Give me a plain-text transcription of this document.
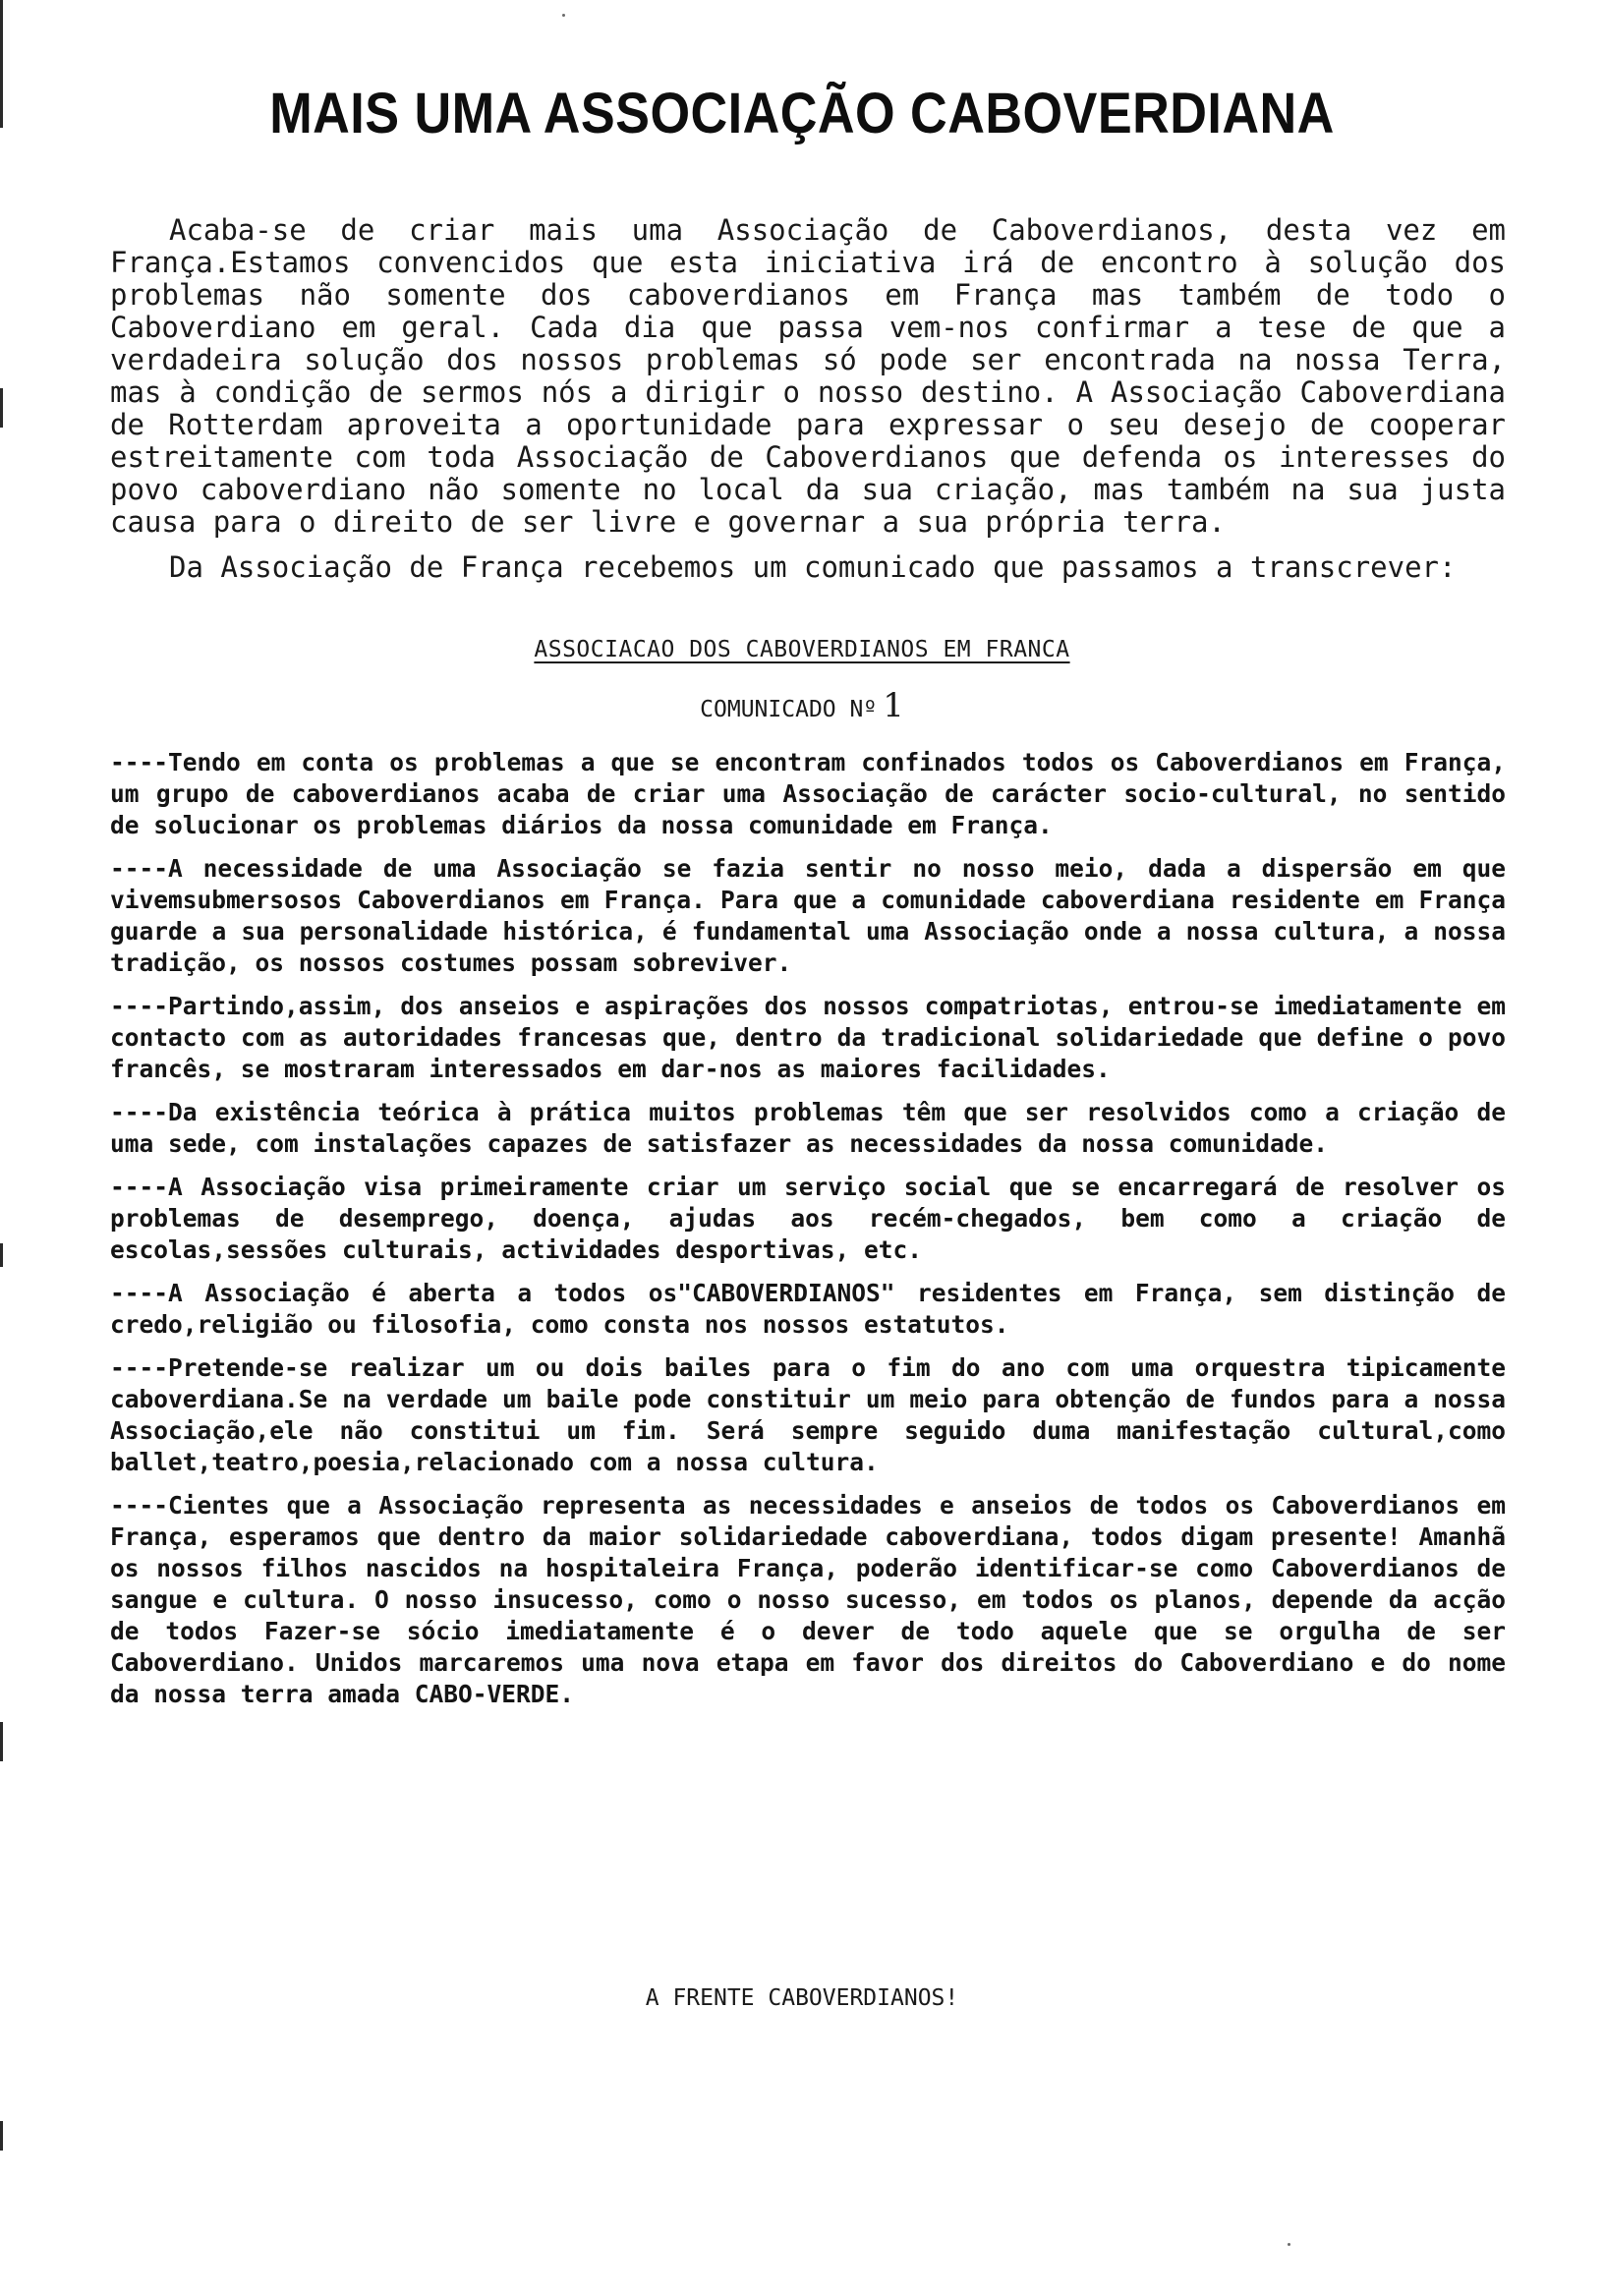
MAIS UMA ASSOCIAÇÃO CABOVERDIANA

Acaba-se de criar mais uma Associação de Caboverdianos, desta vez em França.Estamos convencidos que esta iniciativa irá de encontro à solução dos problemas não somente dos caboverdianos em França mas também de todo o Caboverdiano em geral. Cada dia que passa vem-nos confirmar a tese de que a verdadeira solução dos nossos problemas só pode ser encontrada na nossa Terra, mas à condição de sermos nós a dirigir o nosso destino. A Associação Caboverdiana de Rotterdam aproveita a oportunidade para expressar o seu desejo de cooperar estreitamente com toda Associação de Caboverdianos que defenda os interesses do povo caboverdiano não somente no local da sua criação, mas também na sua justa causa para o direito de ser livre e governar a sua própria terra.

Da Associação de França recebemos um comunicado que passamos a transcrever:

ASSOCIACAO DOS CABOVERDIANOS EM FRANCA
COMUNICADO Nº 1

----Tendo em conta os problemas a que se encontram confinados todos os Caboverdianos em França, um grupo de caboverdianos acaba de criar uma Associação de carácter socio-cultural, no sentido de solucionar os problemas diários da nossa comunidade em França.

----A necessidade de uma Associação se fazia sentir no nosso meio, dada a dispersão em que vivemsubmersosos Caboverdianos em França. Para que a comunidade caboverdiana residente em França guarde a sua personalidade histórica, é fundamental uma Associação onde a nossa cultura, a nossa tradição, os nossos costumes possam sobreviver.

----Partindo,assim, dos anseios e aspirações dos nossos compatriotas, entrou-se imediatamente em contacto com as autoridades francesas que, dentro da tradicional solidariedade que define o povo francês, se mostraram interessados em dar-nos as maiores facilidades.

----Da existência teórica à prática muitos problemas têm que ser resolvidos como a criação de uma sede, com instalações capazes de satisfazer as necessidades da nossa comunidade.

----A Associação visa primeiramente criar um serviço social que se encarregará de resolver os problemas de desemprego, doença, ajudas aos recém-chegados, bem como a criação de escolas,sessões culturais, actividades desportivas, etc.

----A Associação é aberta a todos os"CABOVERDIANOS" residentes em França, sem distinção de credo,religião ou filosofia, como consta nos nossos estatutos.

----Pretende-se realizar um ou dois bailes para o fim do ano com uma orquestra tipicamente caboverdiana.Se na verdade um baile pode constituir um meio para obtenção de fundos para a nossa Associação,ele não constitui um fim. Será sempre seguido duma manifestação cultural,como ballet,teatro,poesia,relacionado com a nossa cultura.

----Cientes que a Associação representa as necessidades e anseios de todos os Caboverdianos em França, esperamos que dentro da maior solidariedade caboverdiana, todos digam presente! Amanhã os nossos filhos nascidos na hospitaleira França, poderão identificar-se como Caboverdianos de sangue e cultura. O nosso insucesso, como o nosso sucesso, em todos os planos, depende da acção de todos Fazer-se sócio imediatamente é o dever de todo aquele que se orgulha de ser Caboverdiano. Unidos marcaremos uma nova etapa em favor dos direitos do Caboverdiano e do nome da nossa terra amada CABO-VERDE.

A FRENTE CABOVERDIANOS!
